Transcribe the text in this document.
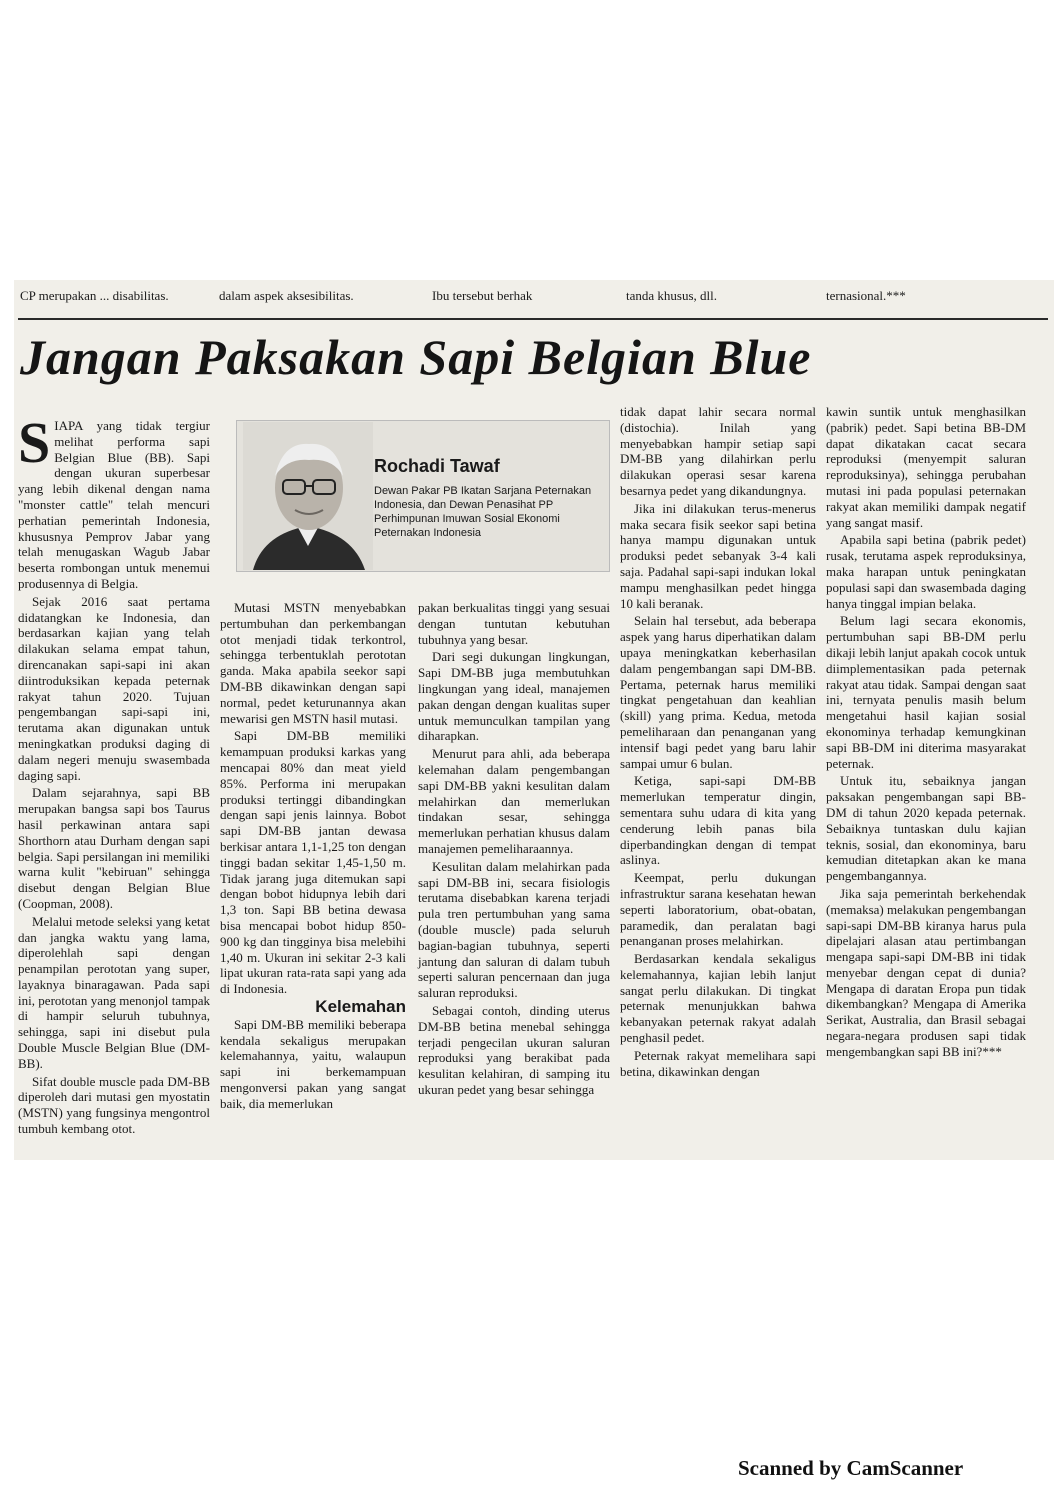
CP merupakan ... disabilitas.	dalam aspek aksesibilitas.	Ibu tersebut berhak	tanda khusus, dll.	ternasional.***
Jangan Paksakan Sapi Belgian Blue
Rochadi Tawaf
Dewan Pakar PB Ikatan Sarjana Peternakan Indonesia, dan Dewan Penasihat PP Perhimpunan Imuwan Sosial Ekonomi Peternakan Indonesia

SIAPA yang tidak tergiur melihat performa sapi Belgian Blue (BB). Sapi dengan ukuran superbesar yang lebih dikenal dengan nama "monster cattle" telah mencuri perhatian pemerintah Indonesia, khususnya Pemprov Jabar yang telah menugaskan Wagub Jabar beserta rombongan untuk menemui produsennya di Belgia.

Sejak 2016 saat pertama didatangkan ke Indonesia, dan berdasarkan kajian yang telah dilakukan selama empat tahun, direncanakan sapi-sapi ini akan diintroduksikan kepada peternak rakyat tahun 2020. Tujuan pengembangan sapi-sapi ini, terutama akan digunakan untuk meningkatkan produksi daging di dalam negeri menuju swasembada daging sapi.

Dalam sejarahnya, sapi BB merupakan bangsa sapi bos Taurus hasil perkawinan antara sapi Shorthorn atau Durham dengan sapi belgia. Sapi persilangan ini memiliki warna kulit "kebiruan" sehingga disebut dengan Belgian Blue (Coopman, 2008).

Melalui metode seleksi yang ketat dan jangka waktu yang lama, diperolehlah sapi dengan penampilan perototan yang super, layaknya binaragawan. Pada sapi ini, perototan yang menonjol tampak di hampir seluruh tubuhnya, sehingga, sapi ini disebut pula Double Muscle Belgian Blue (DM-BB).

Sifat double muscle pada DM-BB diperoleh dari mutasi gen myostatin (MSTN) yang fungsinya mengontrol tumbuh kembang otot.

Mutasi MSTN menyebabkan pertumbuhan dan perkembangan otot menjadi tidak terkontrol, sehingga terbentuklah perototan ganda. Maka apabila seekor sapi DM-BB dikawinkan dengan sapi normal, pedet keturunannya akan mewarisi gen MSTN hasil mutasi.

Sapi DM-BB memiliki kemampuan produksi karkas yang mencapai 80% dan meat yield 85%. Performa ini merupakan produksi tertinggi dibandingkan dengan sapi jenis lainnya. Bobot sapi DM-BB jantan dewasa berkisar antara 1,1-1,25 ton dengan tinggi badan sekitar 1,45-1,50 m. Tidak jarang juga ditemukan sapi dengan bobot hidupnya lebih dari 1,3 ton. Sapi BB betina dewasa bisa mencapai bobot hidup 850-900 kg dan tingginya bisa melebihi 1,40 m. Ukuran ini sekitar 2-3 kali lipat ukuran rata-rata sapi yang ada di Indonesia.

Kelemahan

Sapi DM-BB memiliki beberapa kendala sekaligus merupakan kelemahannya, yaitu, walaupun sapi ini berkemampuan mengonversi pakan yang sangat baik, dia memerlukan

pakan berkualitas tinggi yang sesuai dengan tuntutan kebutuhan tubuhnya yang besar.

Dari segi dukungan lingkungan, Sapi DM-BB juga membutuhkan lingkungan yang ideal, manajemen pakan dengan dengan kualitas super untuk memunculkan tampilan yang diharapkan.

Menurut para ahli, ada beberapa kelemahan dalam pengembangan sapi DM-BB yakni kesulitan dalam melahirkan dan memerlukan tindakan sesar, sehingga memerlukan perhatian khusus dalam manajemen pemeliharaannya.

Kesulitan dalam melahirkan pada sapi DM-BB ini, secara fisiologis terutama disebabkan karena terjadi pula tren pertumbuhan yang sama (double muscle) pada seluruh bagian-bagian tubuhnya, seperti jantung dan saluran di dalam tubuh seperti saluran pencernaan dan juga saluran reproduksi.

Sebagai contoh, dinding uterus DM-BB betina menebal sehingga terjadi pengecilan ukuran saluran reproduksi yang berakibat pada kesulitan kelahiran, di samping itu ukuran pedet yang besar sehingga

tidak dapat lahir secara normal (distochia). Inilah yang menyebabkan hampir setiap sapi DM-BB yang dilahirkan perlu dilakukan operasi sesar karena besarnya pedet yang dikandungnya.

Jika ini dilakukan terus-menerus maka secara fisik seekor sapi betina hanya mampu digunakan untuk produksi pedet sebanyak 3-4 kali saja. Padahal sapi-sapi indukan lokal mampu menghasilkan pedet hingga 10 kali beranak.

Selain hal tersebut, ada beberapa aspek yang harus diperhatikan dalam upaya meningkatkan keberhasilan dalam pengembangan sapi DM-BB. Pertama, peternak harus memiliki tingkat pengetahuan dan keahlian (skill) yang prima. Kedua, metoda pemeliharaan dan penanganan yang intensif bagi pedet yang baru lahir sampai umur 6 bulan.

Ketiga, sapi-sapi DM-BB memerlukan temperatur dingin, sementara suhu udara di kita yang cenderung lebih panas bila diperbandingkan dengan di tempat aslinya.

Keempat, perlu dukungan infrastruktur sarana kesehatan hewan seperti laboratorium, obat-obatan, paramedik, dan peralatan bagi penanganan proses melahirkan.

Berdasarkan kendala sekaligus kelemahannya, kajian lebih lanjut sangat perlu dilakukan. Di tingkat peternak menunjukkan bahwa kebanyakan peternak rakyat adalah penghasil pedet.

Peternak rakyat memelihara sapi betina, dikawinkan dengan

kawin suntik untuk menghasilkan (pabrik) pedet. Sapi betina BB-DM dapat dikatakan cacat secara reproduksi (menyempit saluran reproduksinya), sehingga perubahan mutasi ini pada populasi peternakan rakyat akan memiliki dampak negatif yang sangat masif.

Apabila sapi betina (pabrik pedet) rusak, terutama aspek reproduksinya, maka harapan untuk peningkatan populasi sapi dan swasembada daging hanya tinggal impian belaka.

Belum lagi secara ekonomis, pertumbuhan sapi BB-DM perlu dikaji lebih lanjut apakah cocok untuk diimplementasikan pada peternak rakyat atau tidak. Sampai dengan saat ini, ternyata penulis masih belum mengetahui hasil kajian sosial ekonominya terhadap kemungkinan sapi BB-DM ini diterima masyarakat peternak.

Untuk itu, sebaiknya jangan paksakan pengembangan sapi BB-DM di tahun 2020 kepada peternak. Sebaiknya tuntaskan dulu kajian teknis, sosial, dan ekonominya, baru kemudian ditetapkan akan ke mana pengembangannya.

Jika saja pemerintah berkehendak (memaksa) melakukan pengembangan sapi-sapi DM-BB kiranya harus pula dipelajari alasan atau pertimbangan mengapa sapi-sapi DM-BB ini tidak menyebar dengan cepat di dunia? Mengapa di daratan Eropa pun tidak dikembangkan? Mengapa di Amerika Serikat, Australia, dan Brasil sebagai negara-negara produsen sapi tidak mengembangkan sapi BB ini?***

Scanned by CamScanner
